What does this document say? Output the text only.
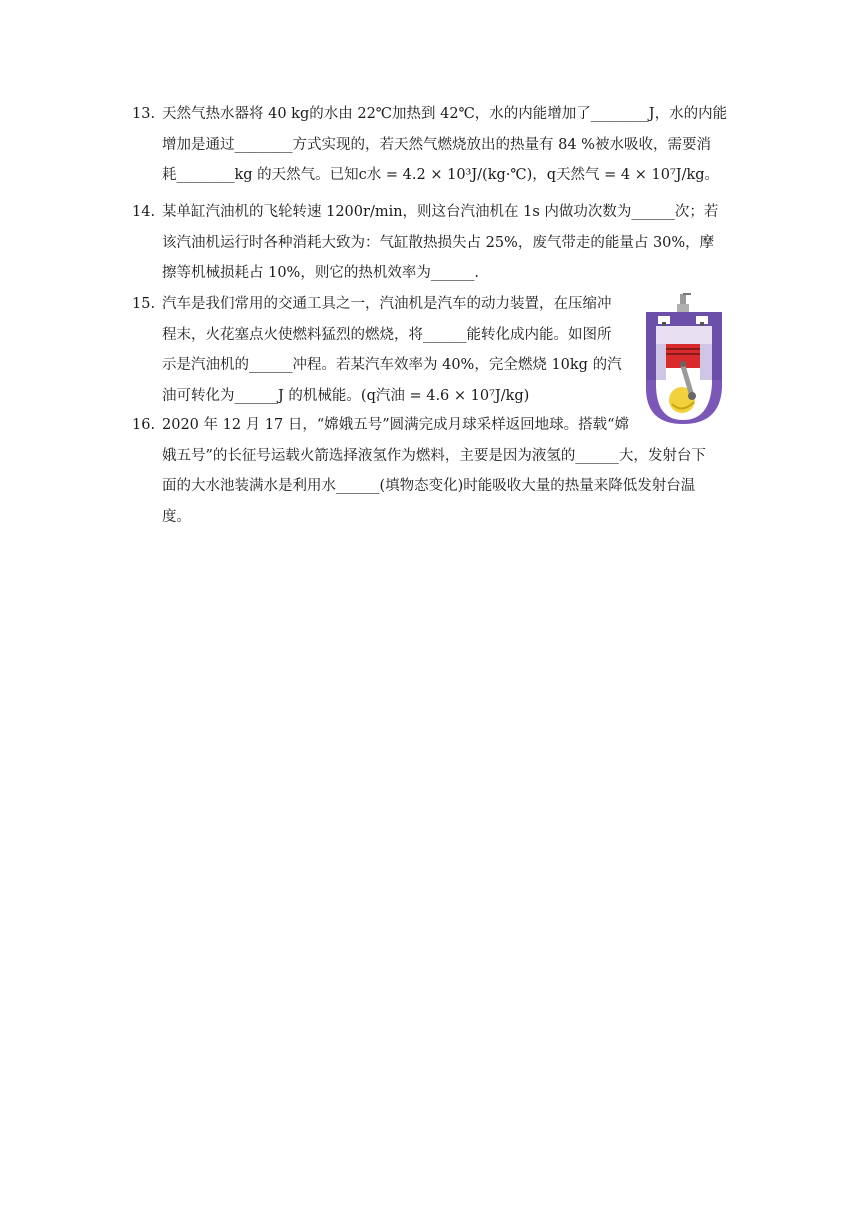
13. 天然气热水器将 40 kg的水由 22℃加热到 42℃，水的内能增加了________J，水的内能

增加是通过________方式实现的，若天然气燃烧放出的热量有 84 %被水吸收，需要消

耗________kg 的天然气。已知c水 = 4.2 × 10³J/(kg·℃)，q天然气 = 4 × 10⁷J/kg。

14. 某单缸汽油机的飞轮转速 1200r/min，则这台汽油机在 1s 内做功次数为______次；若

该汽油机运行时各种消耗大致为：气缸散热损失占 25%，废气带走的能量占 30%，摩

擦等机械损耗占 10%，则它的热机效率为______.

15. 汽车是我们常用的交通工具之一，汽油机是汽车的动力装置，在压缩冲

程末，火花塞点火使燃料猛烈的燃烧，将______能转化成内能。如图所

示是汽油机的______冲程。若某汽车效率为 40%，完全燃烧 10kg 的汽

油可转化为______J 的机械能。(q汽油 = 4.6 × 10⁷J/kg)

16. 2020 年 12 月 17 日，“嫦娥五号”圆满完成月球采样返回地球。搭载“嫦

娥五号”的长征号运载火箭选择液氢作为燃料，主要是因为液氢的______大，发射台下

面的大水池装满水是利用水______(填物态变化)时能吸收大量的热量来降低发射台温

度。
